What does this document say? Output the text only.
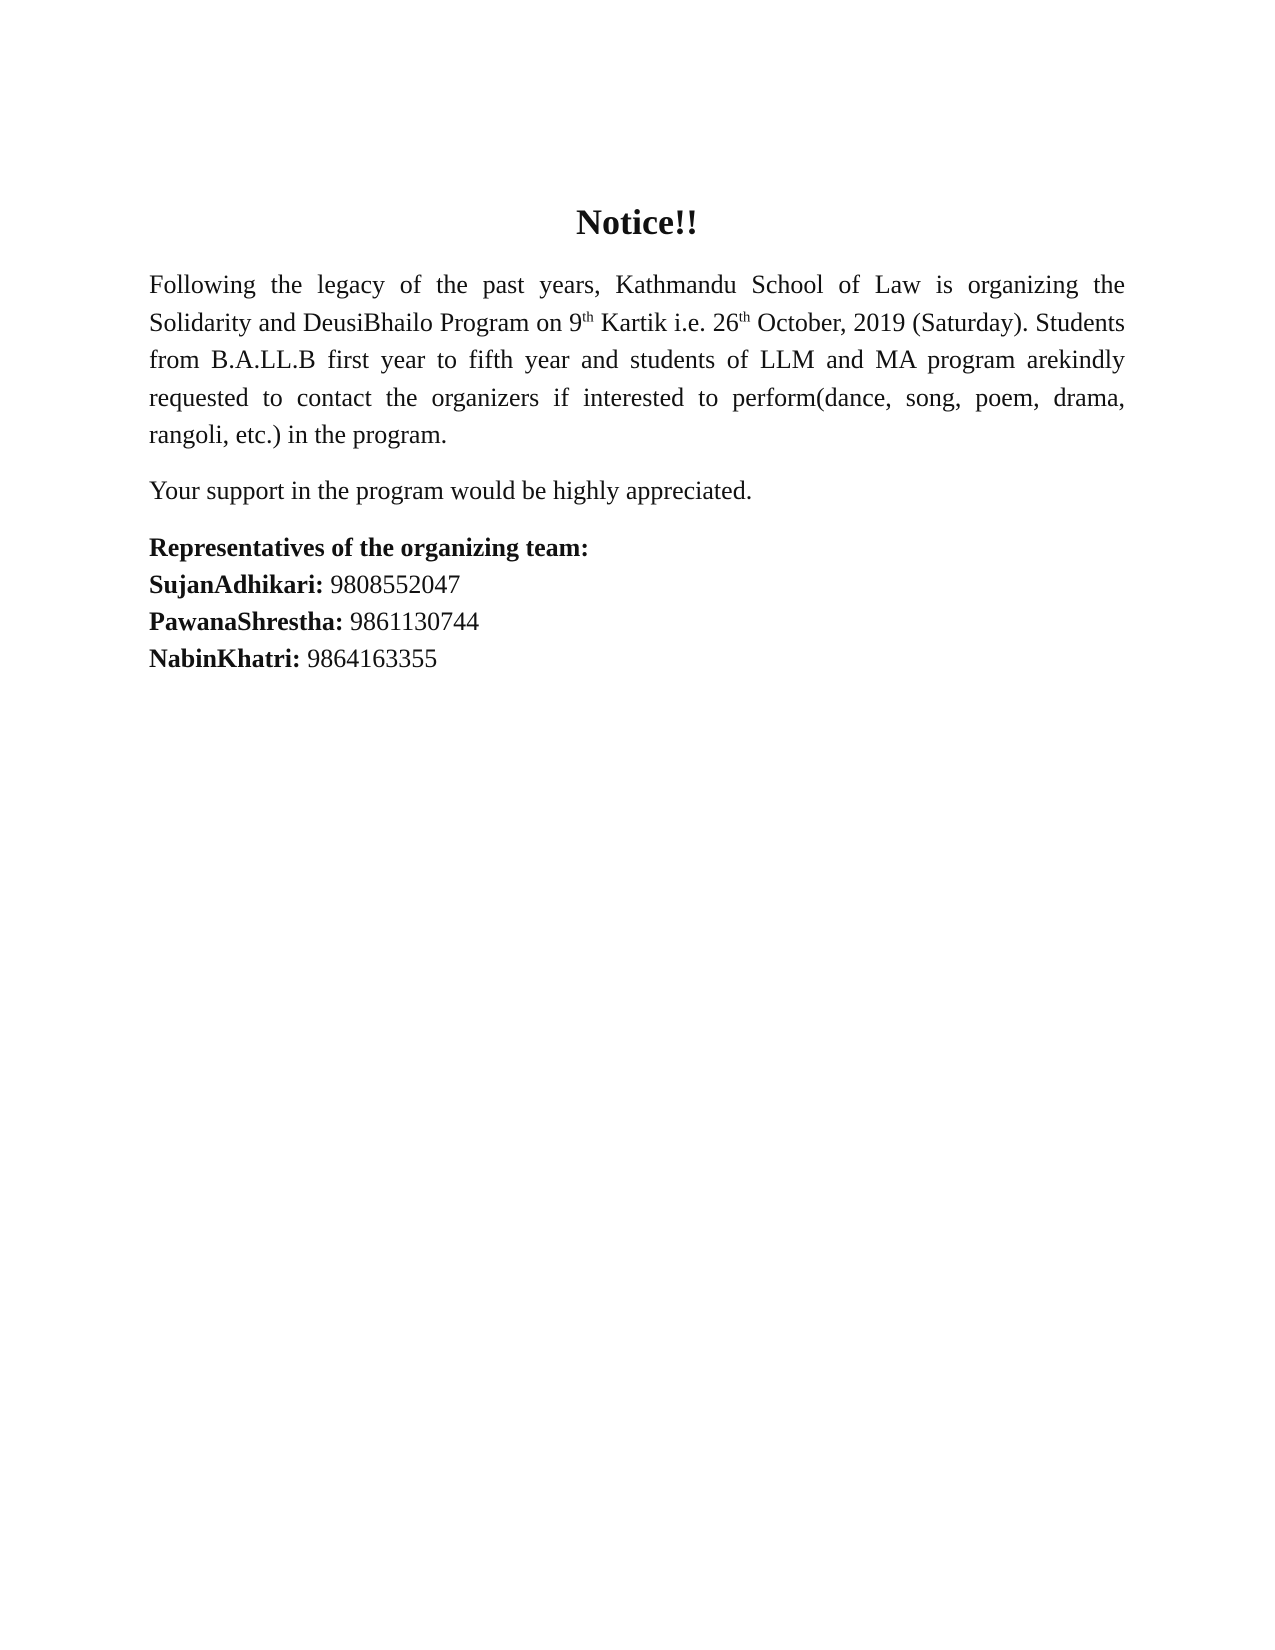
Notice!!

Following the legacy of the past years, Kathmandu School of Law is organizing the Solidarity and DeusiBhailo Program on 9th Kartik i.e. 26th October, 2019 (Saturday). Students from B.A.LL.B first year to fifth year and students of LLM and MA program arekindly requested to contact the organizers if interested to perform(dance, song, poem, drama, rangoli, etc.) in the program.

Your support in the program would be highly appreciated.

Representatives of the organizing team:
SujanAdhikari: 9808552047
PawanaShrestha: 9861130744
NabinKhatri: 9864163355
